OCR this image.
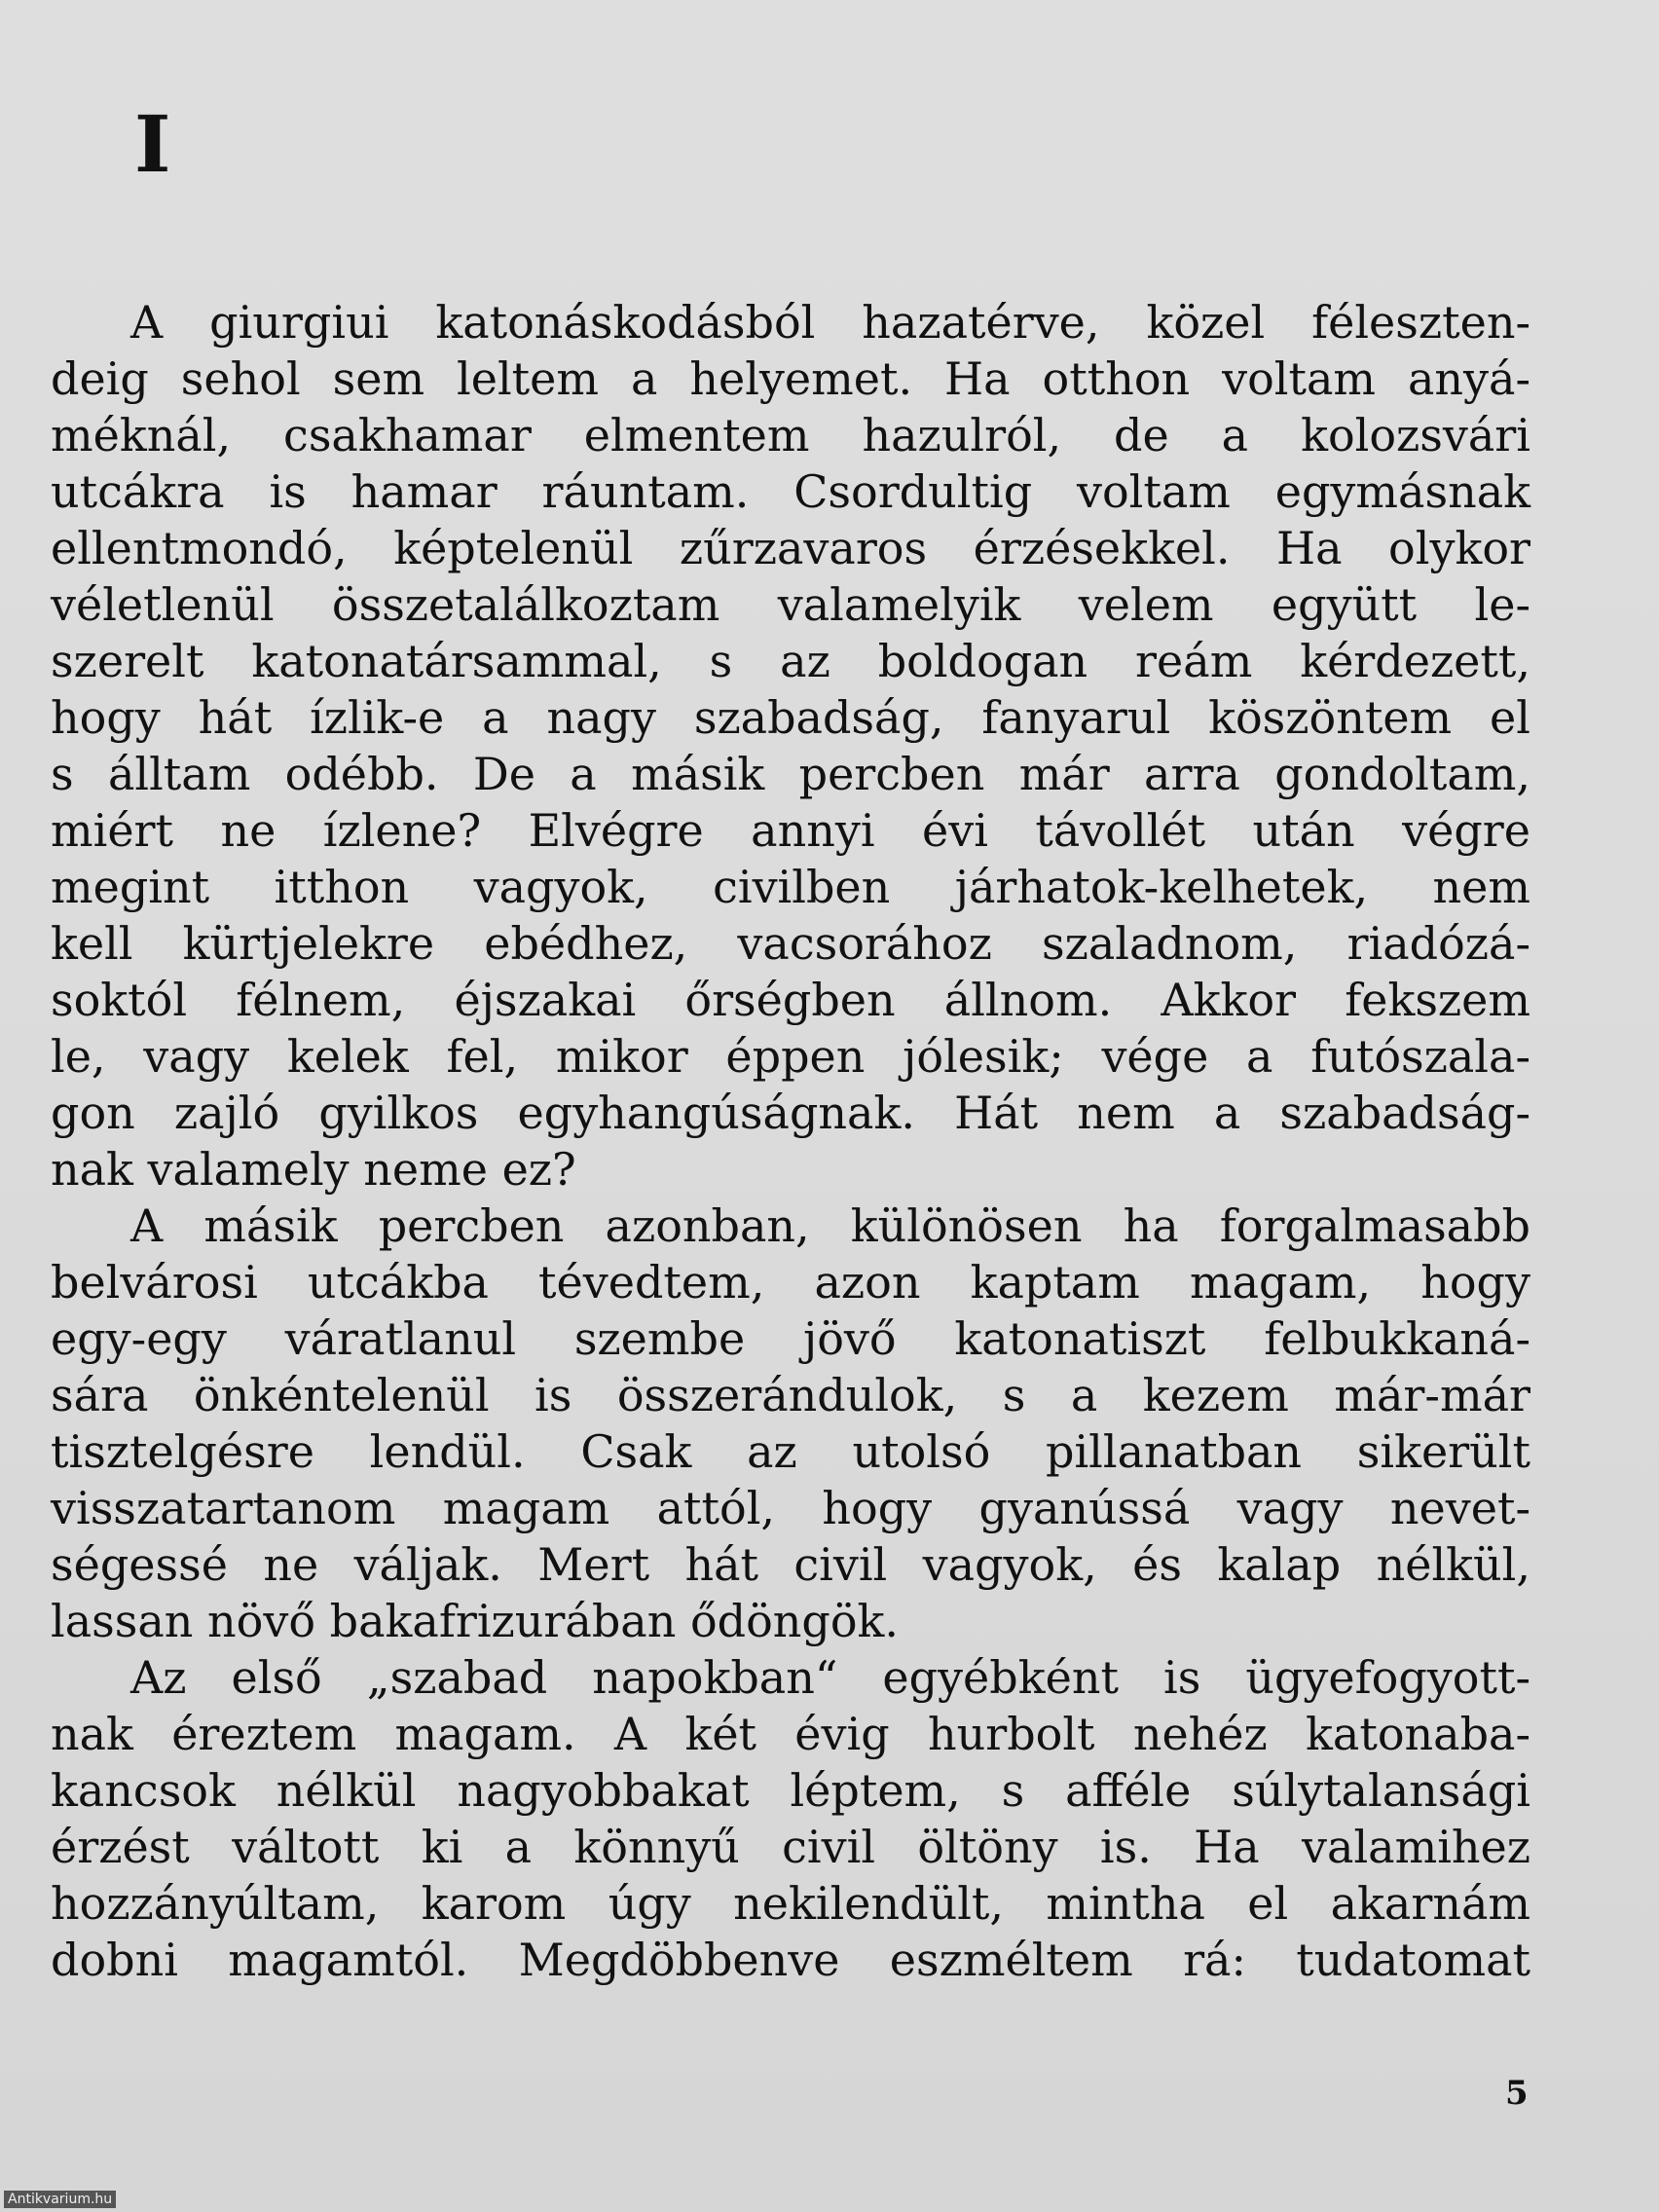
I
A giurgiui katonáskodásból hazatérve, közel féleszten-
deig sehol sem leltem a helyemet. Ha otthon voltam anyá-
méknál, csakhamar elmentem hazulról, de a kolozsvári
utcákra is hamar ráuntam. Csordultig voltam egymásnak
ellentmondó, képtelenül zűrzavaros érzésekkel. Ha olykor
véletlenül összetalálkoztam valamelyik velem együtt le-
szerelt katonatársammal, s az boldogan reám kérdezett,
hogy hát ízlik-e a nagy szabadság, fanyarul köszöntem el
s álltam odébb. De a másik percben már arra gondoltam,
miért ne ízlene? Elvégre annyi évi távollét után végre
megint itthon vagyok, civilben járhatok-kelhetek, nem
kell kürtjelekre ebédhez, vacsorához szaladnom, riadózá-
soktól félnem, éjszakai őrségben állnom. Akkor fekszem
le, vagy kelek fel, mikor éppen jólesik; vége a futószala-
gon zajló gyilkos egyhangúságnak. Hát nem a szabadság-
nak valamely neme ez?
A másik percben azonban, különösen ha forgalmasabb
belvárosi utcákba tévedtem, azon kaptam magam, hogy
egy-egy váratlanul szembe jövő katonatiszt felbukkaná-
sára önkéntelenül is összerándulok, s a kezem már-már
tisztelgésre lendül. Csak az utolsó pillanatban sikerült
visszatartanom magam attól, hogy gyanússá vagy nevet-
ségessé ne váljak. Mert hát civil vagyok, és kalap nélkül,
lassan növő bakafrizurában ődöngök.
Az első „szabad napokban“ egyébként is ügyefogyott-
nak éreztem magam. A két évig hurbolt nehéz katonaba-
kancsok nélkül nagyobbakat léptem, s afféle súlytalansági
érzést váltott ki a könnyű civil öltöny is. Ha valamihez
hozzányúltam, karom úgy nekilendült, mintha el akarnám
dobni magamtól. Megdöbbenve eszméltem rá: tudatomat
5
Antikvarium.hu
